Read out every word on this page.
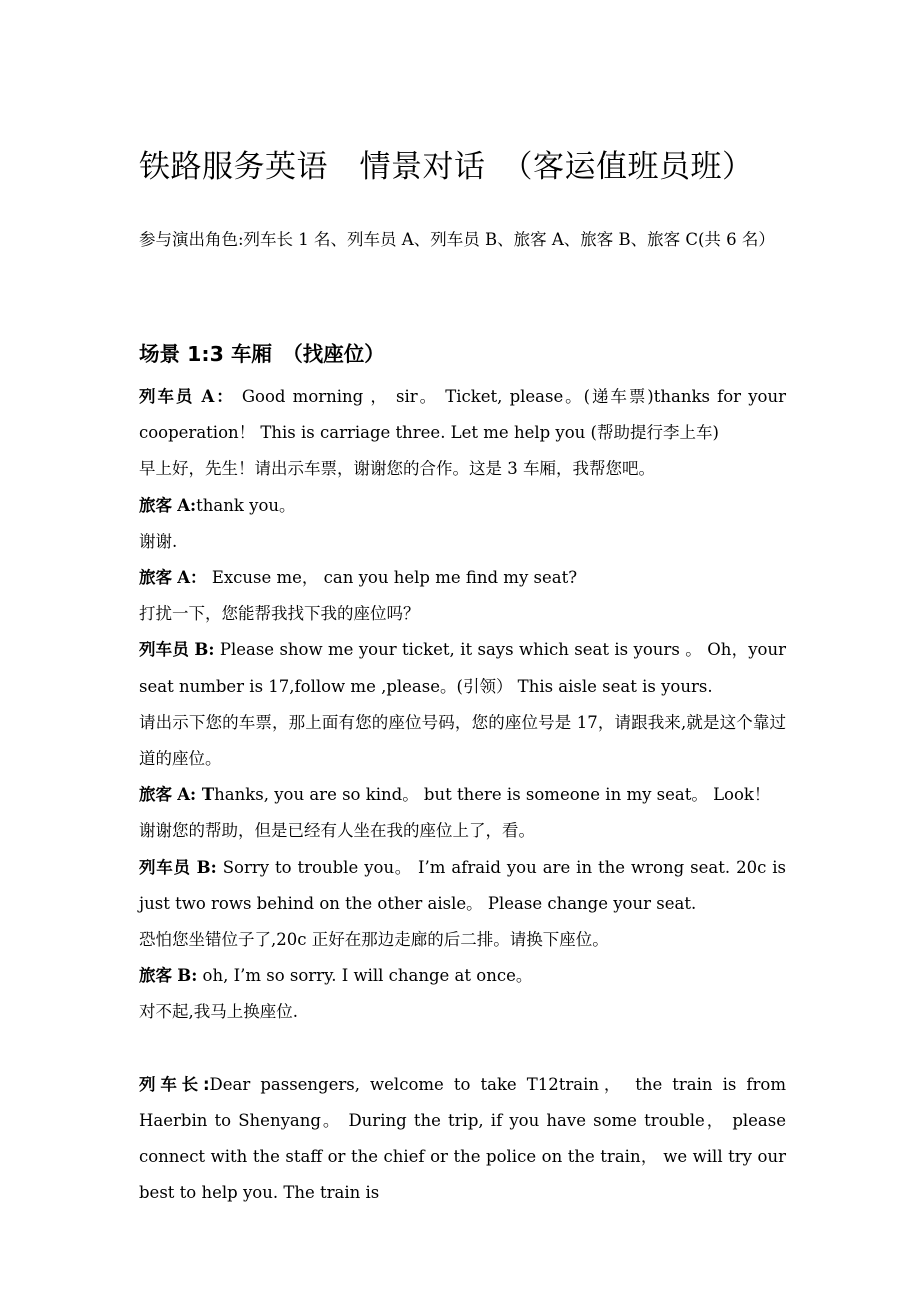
铁路服务英语　情景对话　（客运值班员班）

参与演出角色:列车长 1 名、列车员 A、列车员 B、旅客 A、旅客 B、旅客 C(共 6 名）

场景 1:3 车厢　（找座位）

列车员 A： Good morning ， sir。 Ticket, please。(递车票)thanks for your cooperation！ This is carriage three. Let me help you (帮助提行李上车)

早上好，先生！请出示车票，谢谢您的合作。这是 3 车厢，我帮您吧。

旅客 A:thank you。

谢谢.

旅客 A： Excuse me， can you help me find my seat?

打扰一下，您能帮我找下我的座位吗？

列车员 B: Please show me your ticket, it says which seat is yours 。 Oh，your seat number is 17,follow me ,please。(引领） This aisle seat is yours.

请出示下您的车票，那上面有您的座位号码，您的座位号是 17，请跟我来,就是这个靠过道的座位。

旅客 A: Thanks, you are so kind。 but there is someone in my seat。 Look！

谢谢您的帮助，但是已经有人坐在我的座位上了，看。

列车员 B: Sorry to trouble you。 I’m afraid you are in the wrong seat. 20c is just two rows behind on the other aisle。 Please change your seat.

恐怕您坐错位子了,20c 正好在那边走廊的后二排。请换下座位。

旅客 B: oh, I’m so sorry. I will change at once。

对不起,我马上换座位.

列车长:Dear passengers, welcome to take T12train， the train is from Haerbin to Shenyang。 During the trip, if you have some trouble， please connect with the staff or the chief or the police on the train， we will try our best to help you. The train is
